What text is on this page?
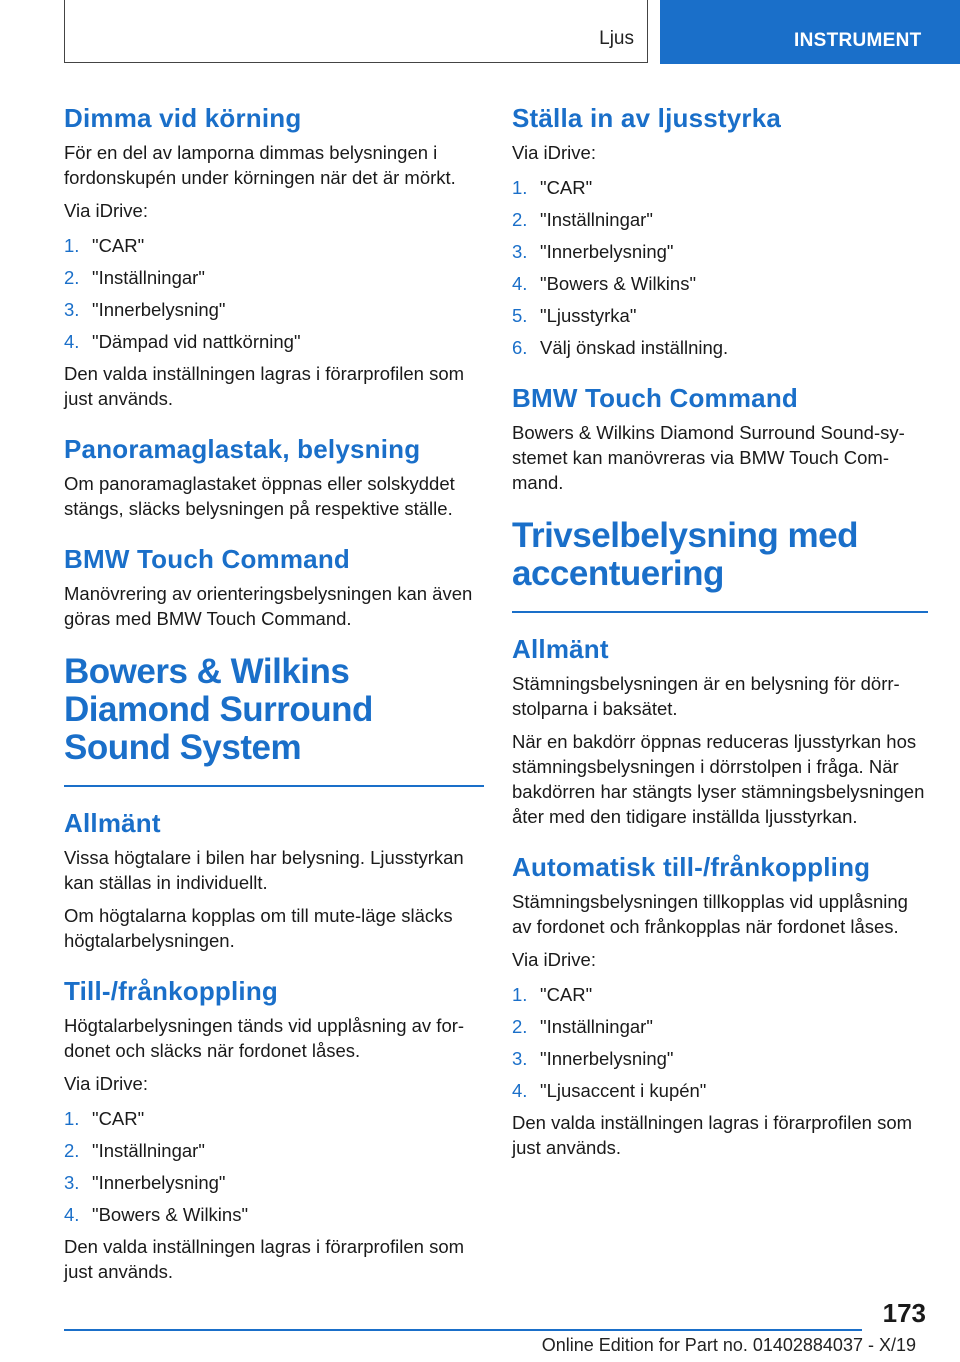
Ljus	INSTRUMENT
Dimma vid körning

För en del av lamporna dimmas belysningen i fordonskupén under körningen när det är mörkt.

Via iDrive:

1. "CAR"
2. "Inställningar"
3. "Innerbelysning"
4. "Dämpad vid nattkörning"

Den valda inställningen lagras i förarprofilen som just används.

Panoramaglastak, belysning

Om panoramaglastaket öppnas eller solskyddet stängs, släcks belysningen på respektive ställe.

BMW Touch Command

Manövrering av orienteringsbelysningen kan även göras med BMW Touch Command.

Bowers & Wilkins Diamond Surround Sound System
Allmänt

Vissa högtalare i bilen har belysning. Ljusstyrkan kan ställas in individuellt.

Om högtalarna kopplas om till mute-läge släcks högtalarbelysningen.

Till-/frånkoppling

Högtalarbelysningen tänds vid upplåsning av fordonet och släcks när fordonet låses.

Via iDrive:

1. "CAR"
2. "Inställningar"
3. "Innerbelysning"
4. "Bowers & Wilkins"

Den valda inställningen lagras i förarprofilen som just används.

Ställa in av ljusstyrka

Via iDrive:

1. "CAR"
2. "Inställningar"
3. "Innerbelysning"
4. "Bowers & Wilkins"
5. "Ljusstyrka"
6. Välj önskad inställning.
BMW Touch Command

Bowers & Wilkins Diamond Surround Sound-systemet kan manövreras via BMW Touch Command.

Trivselbelysning med accentuering
Allmänt

Stämningsbelysningen är en belysning för dörrstolparna i baksätet.

När en bakdörr öppnas reduceras ljusstyrkan hos stämningsbelysningen i dörrstolpen i fråga. När bakdörren har stängts lyser stämningsbelysningen åter med den tidigare inställda ljusstyrkan.

Automatisk till-/frånkoppling

Stämningsbelysningen tillkopplas vid upplåsning av fordonet och frånkopplas när fordonet låses.

Via iDrive:

1. "CAR"
2. "Inställningar"
3. "Innerbelysning"
4. "Ljusaccent i kupén"

Den valda inställningen lagras i förarprofilen som just används.

173
Online Edition for Part no. 01402884037 - X/19
